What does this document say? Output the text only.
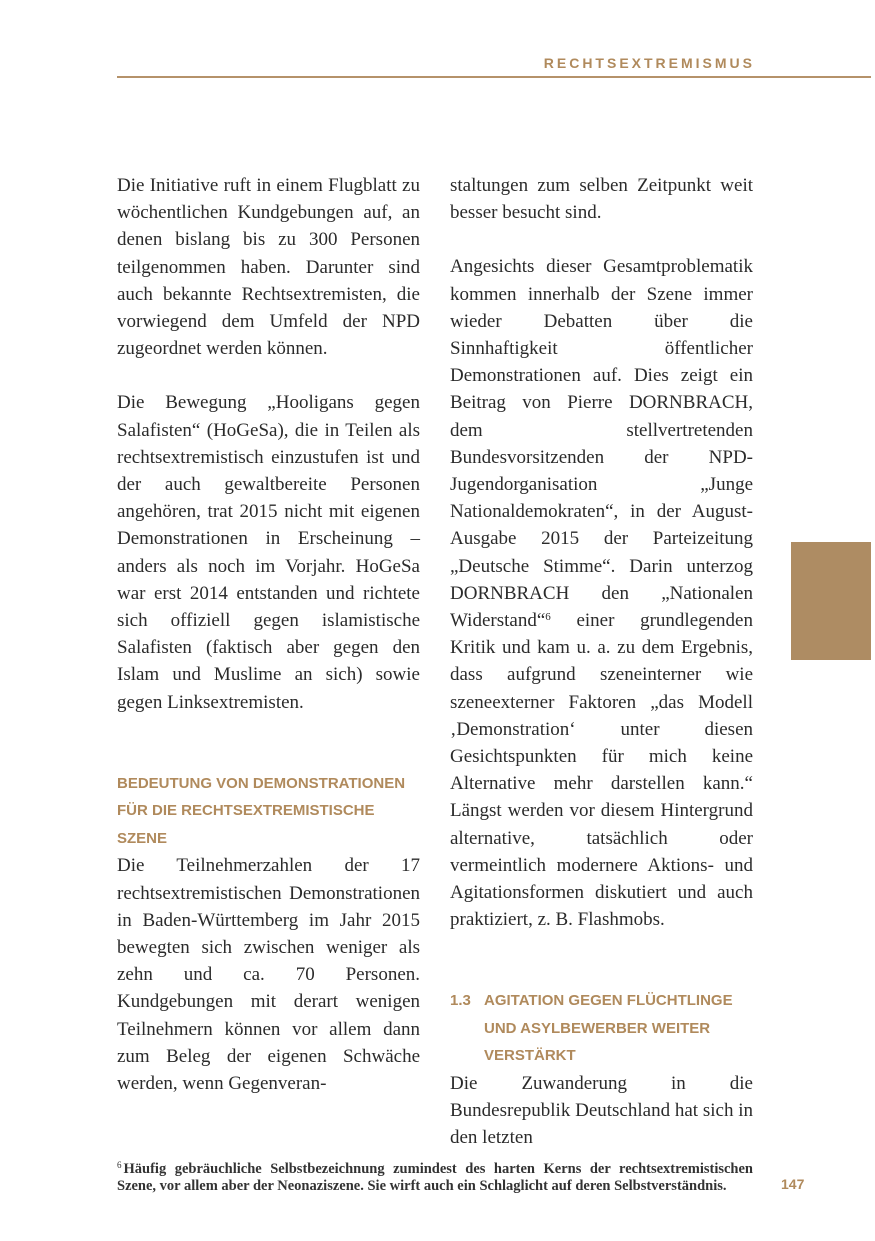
RECHTSEXTREMISMUS

Die Initiative ruft in einem Flugblatt zu wöchentlichen Kundgebungen auf, an denen bislang bis zu 300 Personen teilgenommen haben. Darunter sind auch bekannte Rechtsextremisten, die vorwiegend dem Umfeld der NPD zugeordnet werden können.

Die Bewegung „Hooligans gegen Salafisten“ (HoGeSa), die in Teilen als rechtsextremistisch einzustufen ist und der auch gewaltbereite Personen angehören, trat 2015 nicht mit eigenen Demonstrationen in Erscheinung – anders als noch im Vorjahr. HoGeSa war erst 2014 entstanden und richtete sich offiziell gegen islamistische Salafisten (faktisch aber gegen den Islam und Muslime an sich) sowie gegen Linksextremisten.

BEDEUTUNG VON DEMONSTRATIONEN FÜR DIE RECHTSEXTREMISTISCHE SZENE

Die Teilnehmerzahlen der 17 rechtsextremistischen Demonstrationen in Baden-Württemberg im Jahr 2015 bewegten sich zwischen weniger als zehn und ca. 70 Personen. Kundgebungen mit derart wenigen Teilnehmern können vor allem dann zum Beleg der eigenen Schwäche werden, wenn Gegenveran-

staltungen zum selben Zeitpunkt weit besser besucht sind.

Angesichts dieser Gesamtproblematik kommen innerhalb der Szene immer wieder Debatten über die Sinnhaftigkeit öffentlicher Demonstrationen auf. Dies zeigt ein Beitrag von Pierre DORNBRACH, dem stellvertretenden Bundesvorsitzenden der NPD-Jugendorganisation „Junge Nationaldemokraten“, in der August-Ausgabe 2015 der Parteizeitung „Deutsche Stimme“. Darin unterzog DORNBRACH den „Nationalen Widerstand“$^6$ einer grundlegenden Kritik und kam u. a. zu dem Ergebnis, dass aufgrund szeneinterner wie szeneexterner Faktoren „das Modell ‚Demonstration‘ unter diesen Gesichtspunkten für mich keine Alternative mehr darstellen kann.“ Längst werden vor diesem Hintergrund alternative, tatsächlich oder vermeintlich modernere Aktions- und Agitationsformen diskutiert und auch praktiziert, z. B. Flashmobs.

1.3 AGITATION GEGEN FLÜCHTLINGE UND ASYLBEWERBER WEITER VERSTÄRKT

Die Zuwanderung in die Bundesrepublik Deutschland hat sich in den letzten

$^6$ Häufig gebräuchliche Selbstbezeichnung zumindest des harten Kerns der rechtsextremistischen Szene, vor allem aber der Neonaziszene. Sie wirft auch ein Schlaglicht auf deren Selbstverständnis.	147
